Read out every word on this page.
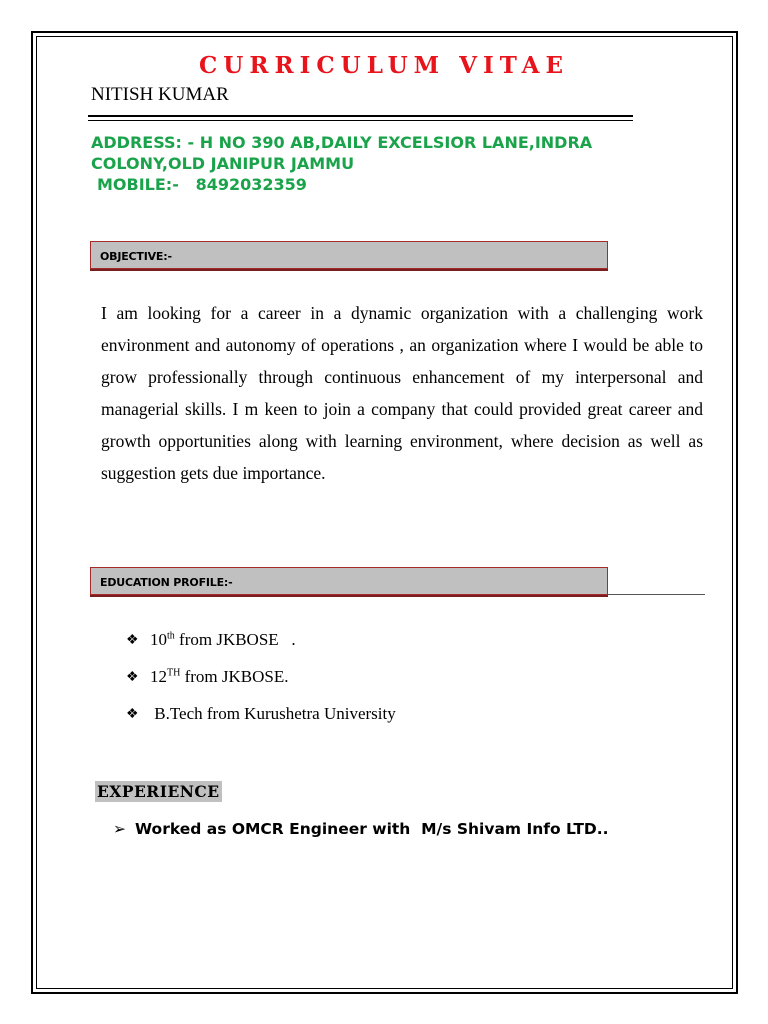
CURRICULUM VITAE
NITISH KUMAR
ADDRESS: - H NO 390 AB,DAILY EXCELSIOR LANE,INDRA COLONY,OLD JANIPUR JAMMU
MOBILE:- 8492032359
OBJECTIVE:-
I am looking for a career in a dynamic organization with a challenging work environment and autonomy of operations , an organization where I would be able to grow professionally through continuous enhancement of my interpersonal and managerial skills. I m keen to join a company that could provided great career and growth opportunities along with learning environment, where decision as well as suggestion gets due importance.
EDUCATION PROFILE:-
❖ 10th from JKBOSE   .
❖ 12TH from JKBOSE.
❖ B.Tech from Kurushetra University
EXPERIENCE
➢ Worked as OMCR Engineer with  M/s Shivam Info LTD..
